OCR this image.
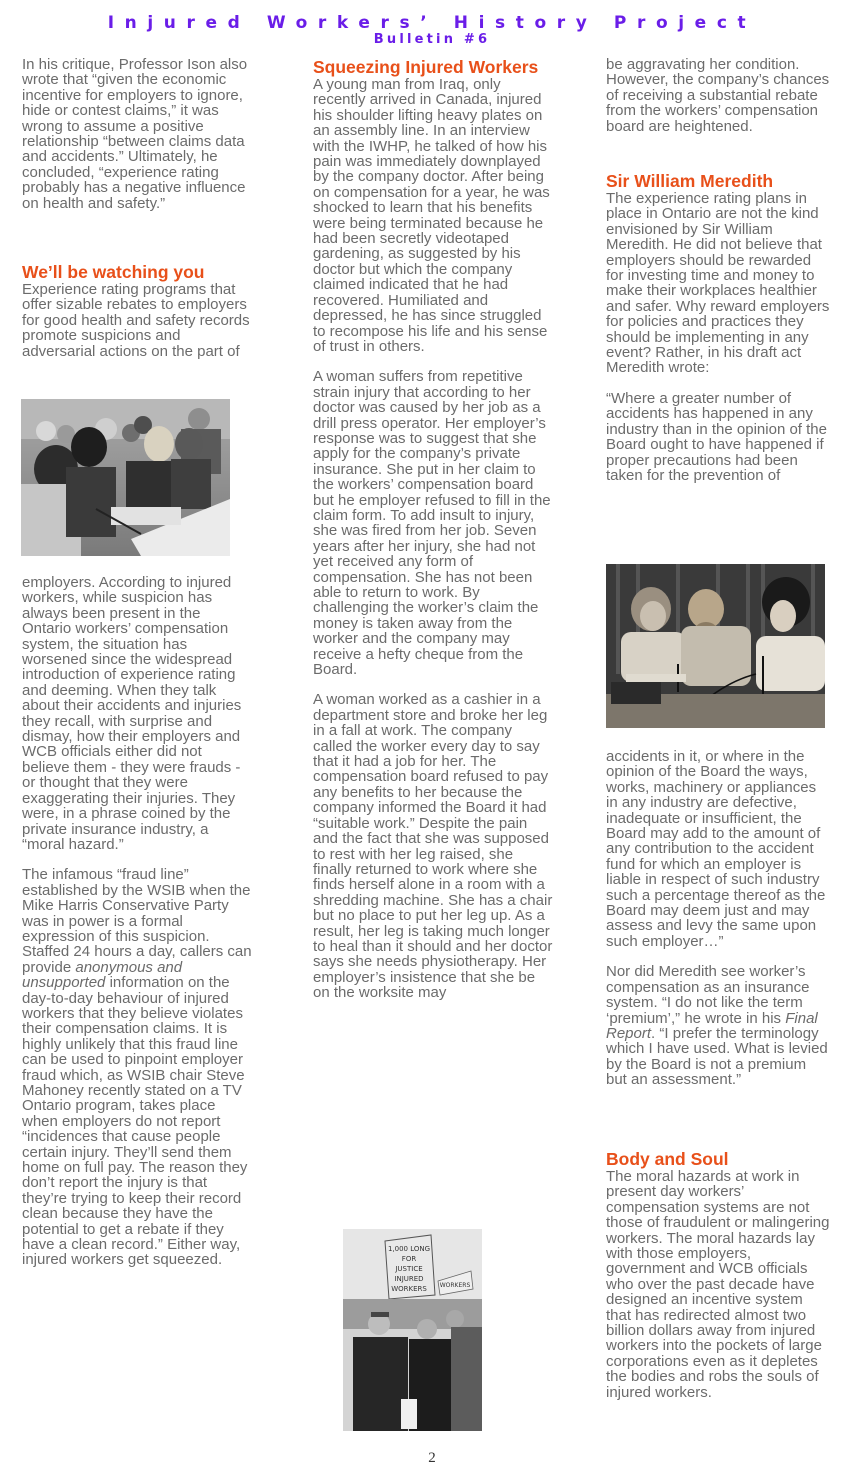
Injured Workers’ History Project
Bulletin #6

In his critique, Professor Ison also wrote that “given the economic incentive for employers to ignore, hide or contest claims,” it was wrong to assume a positive relationship “between claims data and accidents.” Ultimately, he concluded, “experience rating probably has a negative influence on health and safety.”

We’ll be watching you

Experience rating programs that offer sizable rebates to employers for good health and safety records promote suspicions and adversarial actions on the part of

employers. According to injured workers, while suspicion has always been present in the Ontario workers’ compensation system, the situation has worsened since the widespread introduction of experience rating and deeming. When they talk about their accidents and injuries they recall, with surprise and dismay, how their employers and WCB officials either did not believe them - they were frauds - or thought that they were exaggerating their injuries. They were, in a phrase coined by the private insurance industry, a “moral hazard.”

The infamous “fraud line” established by the WSIB when the Mike Harris Conservative Party was in power is a formal expression of this suspicion. Staffed 24 hours a day, callers can provide anonymous and unsupported information on the day-to-day behaviour of injured workers that they believe violates their compensation claims. It is highly unlikely that this fraud line can be used to pinpoint employer fraud which, as WSIB chair Steve Mahoney recently stated on a TV Ontario program, takes place when employers do not report “incidences that cause people certain injury. They’ll send them home on full pay. The reason they don’t report the injury is that they’re trying to keep their record clean because they have the potential to get a rebate if they have a clean record.” Either way, injured workers get squeezed.

Squeezing Injured Workers

A young man from Iraq, only recently arrived in Canada, injured his shoulder lifting heavy plates on an assembly line. In an interview with the IWHP, he talked of how his pain was immediately downplayed by the company doctor. After being on compensation for a year, he was shocked to learn that his benefits were being terminated because he had been secretly videotaped gardening, as suggested by his doctor but which the company claimed indicated that he had recovered. Humiliated and depressed, he has since struggled to recompose his life and his sense of trust in others.

A woman suffers from repetitive strain injury that according to her doctor was caused by her job as a drill press operator. Her employer’s response was to suggest that she apply for the company’s private insurance. She put in her claim to the workers’ compensation board but he employer refused to fill in the claim form. To add insult to injury, she was fired from her job. Seven years after her injury, she had not yet received any form of compensation. She has not been able to return to work. By challenging the worker’s claim the money is taken away from the worker and the company may receive a hefty cheque from the Board.

A woman worked as a cashier in a department store and broke her leg in a fall at work. The company called the worker every day to say that it had a job for her. The compensation board refused to pay any benefits to her because the company informed the Board it had “suitable work.” Despite the pain and the fact that she was supposed to rest with her leg raised, she finally returned to work where she finds herself alone in a room with a shredding machine. She has a chair but no place to put her leg up. As a result, her leg is taking much longer to heal than it should and her doctor says she needs physiotherapy. Her employer’s insistence that she be on the worksite may

1,000 LONG
FOR
JUSTICE
INJURED
WORKERS WORKERS

be aggravating her condition. However, the company’s chances of receiving a substantial rebate from the workers’ compensation board are heightened.

Sir William Meredith

The experience rating plans in place in Ontario are not the kind envisioned by Sir William Meredith. He did not believe that employers should be rewarded for investing time and money to make their workplaces healthier and safer. Why reward employers for policies and practices they should be implementing in any event? Rather, in his draft act Meredith wrote:

“Where a greater number of accidents has happened in any industry than in the opinion of the Board ought to have happened if proper precautions had been taken for the prevention of

accidents in it, or where in the opinion of the Board the ways, works, machinery or appliances in any industry are defective, inadequate or insufficient, the Board may add to the amount of any contribution to the accident fund for which an employer is liable in respect of such industry such a percentage thereof as the Board may deem just and may assess and levy the same upon such employer…”

Nor did Meredith see worker’s compensation as an insurance system. “I do not like the term ‘premium’,” he wrote in his Final Report. “I prefer the terminology which I have used. What is levied by the Board is not a premium but an assessment.”

Body and Soul

The moral hazards at work in present day workers’ compensation systems are not those of fraudulent or malingering workers. The moral hazards lay with those employers, government and WCB officials who over the past decade have designed an incentive system that has redirected almost two billion dollars away from injured workers into the pockets of large corporations even as it depletes the bodies and robs the souls of injured workers.

2
